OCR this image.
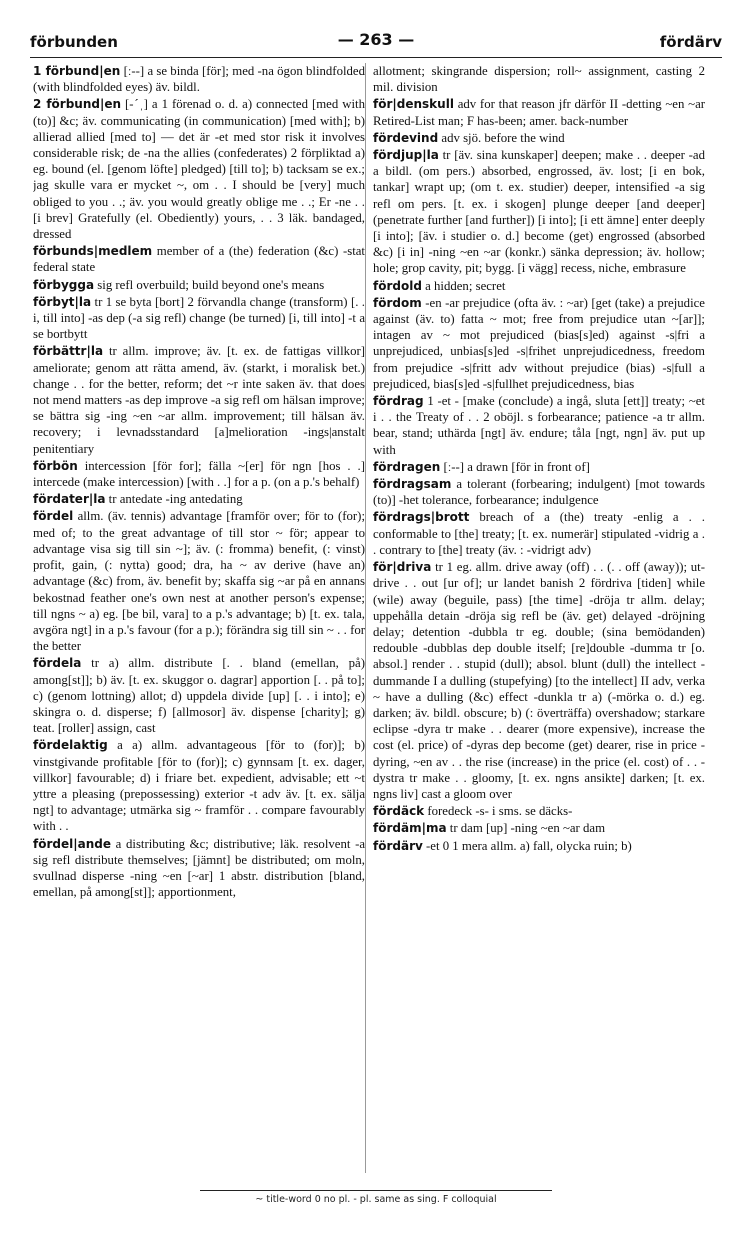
förbunden	— 263 —	fördärv

1 förbund|en [ː--] a se binda [för]; med -na ögon blindfolded (with blindfolded eyes) äv. bildl.

2 förbund|en [-ˊˌ] a 1 förenad o. d. a) connected [med with (to)] &c; äv. communicating (in communication) [med with]; b) allierad allied [med to] — det är -et med stor risk it involves considerable risk; de -na the allies (confederates) 2 förpliktad a) eg. bound (el. [genom löfte] pledged) [till to]; b) tacksam se ex.; jag skulle vara er mycket ~, om . . I should be [very] much obliged to you . .; äv. you would greatly oblige me . .; Er -ne . . [i brev] Gratefully (el. Obediently) yours, . . 3 läk. bandaged, dressed

förbunds|medlem member of a (the) federation (&c) -stat federal state

förbygga sig refl overbuild; build beyond one's means

förbyt|la tr 1 se byta [bort] 2 förvandla change (transform) [. . i, till into] -as dep (-a sig refl) change (be turned) [i, till into] -t a se bortbytt

förbättr|la tr allm. improve; äv. [t. ex. de fattigas villkor] ameliorate; genom att rätta amend, äv. (starkt, i moralisk bet.) change . . for the better, reform; det ~r inte saken äv. that does not mend matters -as dep improve -a sig refl om hälsan improve; se bättra sig -ing ~en ~ar allm. improvement; till hälsan äv. recovery; i levnadsstandard [a]melioration -ings|anstalt penitentiary

förbön intercession [för for]; fälla ~[er] för ngn [hos . .] intercede (make intercession) [with . .] for a p. (on a p.'s behalf)

fördater|la tr antedate -ing antedating

fördel allm. (äv. tennis) advantage [framför over; för to (for); med of; to the great advantage of till stor ~ för; appear to advantage visa sig till sin ~]; äv. (: fromma) benefit, (: vinst) profit, gain, (: nytta) good; dra, ha ~ av derive (have an) advantage (&c) from, äv. benefit by; skaffa sig ~ar på en annans bekostnad feather one's own nest at another person's expense; till ngns ~ a) eg. [be bil, vara] to a p.'s advantage; b) [t. ex. tala, avgöra ngt] in a p.'s favour (for a p.); förändra sig till sin ~ . . for the better

fördela tr a) allm. distribute [. . bland (emellan, på) among[st]]; b) äv. [t. ex. skuggor o. dagrar] apportion [. . på to]; c) (genom lottning) allot; d) uppdela divide [up] [. . i into]; e) skingra o. d. disperse; f) [allmosor] äv. dispense [charity]; g) teat. [roller] assign, cast

fördelaktig a a) allm. advantageous [för to (for)]; b) vinstgivande profitable [för to (for)]; c) gynnsam [t. ex. dager, villkor] favourable; d) i friare bet. expedient, advisable; ett ~t yttre a pleasing (prepossessing) exterior -t adv äv. [t. ex. sälja ngt] to advantage; utmärka sig ~ framför . . compare favourably with . .

fördel|ande a distributing &c; distributive; läk. resolvent -a sig refl distribute themselves; [jämnt] be distributed; om moln, svullnad disperse -ning ~en [~ar] 1 abstr. distribution [bland, emellan, på among[st]]; apportionment,

allotment; skingrande dispersion; roll~ assignment, casting 2 mil. division

för|denskull adv for that reason jfr därför II -detting ~en ~ar Retired-List man; F has-been; amer. back-number

fördevind adv sjö. before the wind

fördjup|la tr [äv. sina kunskaper] deepen; make . . deeper -ad a bildl. (om pers.) absorbed, engrossed, äv. lost; [i en bok, tankar] wrapt up; (om t. ex. studier) deeper, intensified -a sig refl om pers. [t. ex. i skogen] plunge deeper [and deeper] (penetrate further [and further]) [i into]; [i ett ämne] enter deeply [i into]; [äv. i studier o. d.] become (get) engrossed (absorbed &c) [i in] -ning ~en ~ar (konkr.) sänka depression; äv. hollow; hole; grop cavity, pit; bygg. [i vägg] recess, niche, embrasure

fördold a hidden; secret

fördom -en -ar prejudice (ofta äv. : ~ar) [get (take) a prejudice against (äv. to) fatta ~ mot; free from prejudice utan ~[ar]]; intagen av ~ mot prejudiced (bias[s]ed) against -s|fri a unprejudiced, unbias[s]ed -s|frihet unprejudicedness, freedom from prejudice -s|fritt adv without prejudice (bias) -s|full a prejudiced, bias[s]ed -s|fullhet prejudicedness, bias

fördrag 1 -et - [make (conclude) a ingå, sluta [ett]] treaty; ~et i . . the Treaty of . . 2 oböjl. s forbearance; patience -a tr allm. bear, stand; uthärda [ngt] äv. endure; tåla [ngt, ngn] äv. put up with

fördragen [ː--] a drawn [för in front of]

fördragsam a tolerant (forbearing; indulgent) [mot towards (to)] -het tolerance, forbearance; indulgence

fördrags|brott breach of a (the) treaty -enlig a . . conformable to [the] treaty; [t. ex. numerär] stipulated -vidrig a . . contrary to [the] treaty (äv. : -vidrigt adv)

för|driva tr 1 eg. allm. drive away (off) . . (. . off (away)); ut- drive . . out [ur of]; ur landet banish 2 fördriva [tiden] while (wile) away (beguile, pass) [the time] -dröja tr allm. delay; uppehålla detain -dröja sig refl be (äv. get) delayed -dröjning delay; detention -dubbla tr eg. double; (sina bemödanden) redouble -dubblas dep double itself; [re]double -dumma tr [o. absol.] render . . stupid (dull); absol. blunt (dull) the intellect -dummande I a dulling (stupefying) [to the intellect] II adv, verka ~ have a dulling (&c) effect -dunkla tr a) (-mörka o. d.) eg. darken; äv. bildl. obscure; b) (: överträffa) overshadow; starkare eclipse -dyra tr make . . dearer (more expensive), increase the cost (el. price) of -dyras dep become (get) dearer, rise in price -dyring, ~en av . . the rise (increase) in the price (el. cost) of . . -dystra tr make . . gloomy, [t. ex. ngns ansikte] darken; [t. ex. ngns liv] cast a gloom over

fördäck foredeck -s- i sms. se däcks-

fördäm|ma tr dam [up] -ning ~en ~ar dam

fördärv -et 0 1 mera allm. a) fall, olycka ruin; b)

~ title-word 0 no pl. - pl. same as sing. F colloquial
